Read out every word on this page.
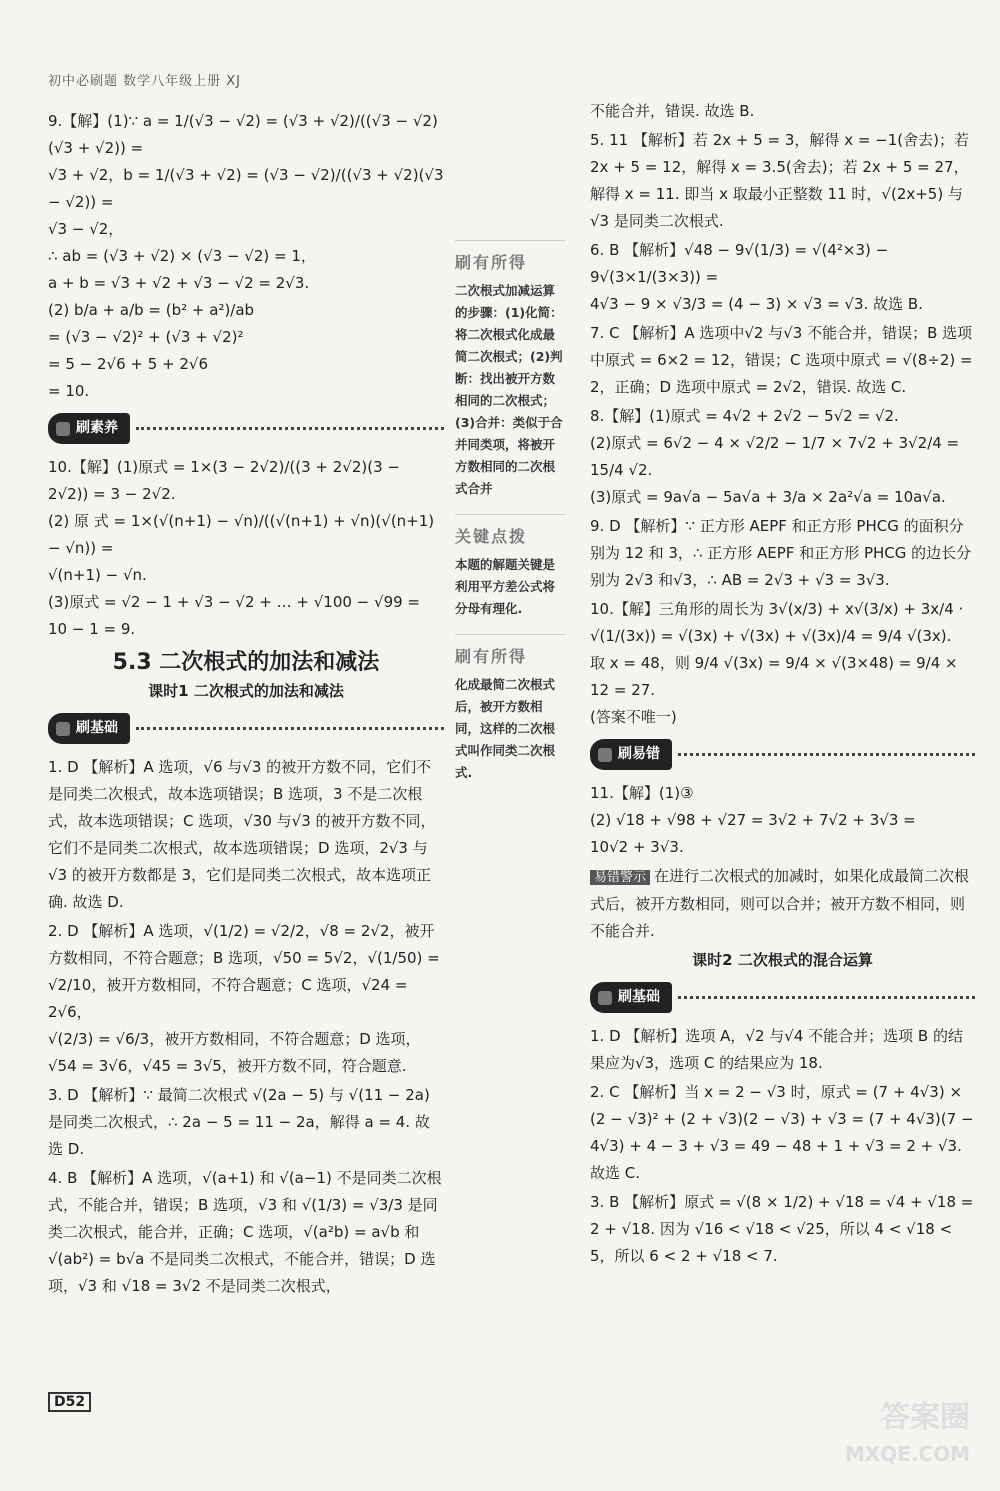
初中必刷题 数学八年级上册 XJ
9.【解】(1)∵ a = 1/(√3 − √2) = (√3 + √2)/((√3 − √2)(√3 + √2)) =
√3 + √2，b = 1/(√3 + √2) = (√3 − √2)/((√3 + √2)(√3 − √2)) =
√3 − √2，
∴ ab = (√3 + √2) × (√3 − √2) = 1，
a + b = √3 + √2 + √3 − √2 = 2√3.
(2) b/a + a/b = (b² + a²)/ab
= (√3 − √2)² + (√3 + √2)²
= 5 − 2√6 + 5 + 2√6
= 10.
刷素养
10.【解】(1)原式 = 1×(3 − 2√2)/((3 + 2√2)(3 − 2√2)) = 3 − 2√2.
(2) 原 式 = 1×(√(n+1) − √n)/((√(n+1) + √n)(√(n+1) − √n)) =
√(n+1) − √n.
(3)原式 = √2 − 1 + √3 − √2 + … + √100 − √99 =
10 − 1 = 9.
5.3 二次根式的加法和减法
课时1 二次根式的加法和减法
刷基础
1. D 【解析】A 选项，√6 与√3 的被开方数不同，它们不是同类二次根式，故本选项错误；B 选项，3 不是二次根式，故本选项错误；C 选项，√30 与√3 的被开方数不同，它们不是同类二次根式，故本选项错误；D 选项，2√3 与√3 的被开方数都是 3，它们是同类二次根式，故本选项正确. 故选 D.
2. D 【解析】A 选项，√(1/2) = √2/2，√8 = 2√2，被开方数相同，不符合题意；B 选项，√50 = 5√2，√(1/50) =
√2/10，被开方数相同，不符合题意；C 选项，√24 = 2√6，
√(2/3) = √6/3，被开方数相同，不符合题意；D 选项，
√54 = 3√6，√45 = 3√5，被开方数不同，符合题意.
3. D 【解析】∵ 最简二次根式 √(2a − 5) 与 √(11 − 2a) 是同类二次根式，∴ 2a − 5 = 11 − 2a，解得 a = 4. 故选 D.
4. B 【解析】A 选项，√(a+1) 和 √(a−1) 不是同类二次根式，不能合并，错误；B 选项，√3 和 √(1/3) = √3/3 是同类二次根式，能合并，正确；C 选项，√(a²b) = a√b 和 √(ab²) = b√a 不是同类二次根式，不能合并，错误；D 选项，√3 和 √18 = 3√2 不是同类二次根式，
刷有所得
二次根式加减运算的步骤：(1)化简：将二次根式化成最简二次根式；(2)判断：找出被开方数相同的二次根式；(3)合并：类似于合并同类项，将被开方数相同的二次根式合并
关键点拨
本题的解题关键是利用平方差公式将分母有理化.
刷有所得
化成最简二次根式后，被开方数相同，这样的二次根式叫作同类二次根式.
不能合并，错误. 故选 B.
5. 11 【解析】若 2x + 5 = 3，解得 x = −1(舍去)；若 2x + 5 = 12，解得 x = 3.5(舍去)；若 2x + 5 = 27，解得 x = 11. 即当 x 取最小正整数 11 时，√(2x+5) 与 √3 是同类二次根式.
6. B 【解析】√48 − 9√(1/3) = √(4²×3) − 9√(3×1/(3×3)) =
4√3 − 9 × √3/3 = (4 − 3) × √3 = √3. 故选 B.
7. C 【解析】A 选项中√2 与√3 不能合并，错误；B 选项中原式 = 6×2 = 12，错误；C 选项中原式 = √(8÷2) = 2，正确；D 选项中原式 = 2√2，错误. 故选 C.
8.【解】(1)原式 = 4√2 + 2√2 − 5√2 = √2.
(2)原式 = 6√2 − 4 × √2/2 − 1/7 × 7√2 + 3√2/4 =
15/4 √2.
(3)原式 = 9a√a − 5a√a + 3/a × 2a²√a = 10a√a.
9. D 【解析】∵ 正方形 AEPF 和正方形 PHCG 的面积分别为 12 和 3，∴ 正方形 AEPF 和正方形 PHCG 的边长分别为 2√3 和√3，∴ AB = 2√3 + √3 = 3√3.
10.【解】三角形的周长为 3√(x/3) + x√(3/x) + 3x/4 ·
√(1/(3x)) = √(3x) + √(3x) + √(3x)/4 = 9/4 √(3x).
取 x = 48，则 9/4 √(3x) = 9/4 × √(3×48) = 9/4 × 12 = 27.
(答案不唯一)
刷易错
11.【解】(1)③
(2) √18 + √98 + √27 = 3√2 + 7√2 + 3√3 =
10√2 + 3√3.
易错警示 在进行二次根式的加减时，如果化成最简二次根式后，被开方数相同，则可以合并；被开方数不相同，则不能合并.
课时2 二次根式的混合运算
刷基础
1. D 【解析】选项 A，√2 与√4 不能合并；选项 B 的结果应为√3，选项 C 的结果应为 18.
2. C 【解析】当 x = 2 − √3 时，原式 = (7 + 4√3) × (2 − √3)² + (2 + √3)(2 − √3) + √3 = (7 + 4√3)(7 − 4√3) + 4 − 3 + √3 = 49 − 48 + 1 + √3 = 2 + √3. 故选 C.
3. B 【解析】原式 = √(8 × 1/2) + √18 = √4 + √18 =
2 + √18. 因为 √16 < √18 < √25，所以 4 < √18 <
5，所以 6 < 2 + √18 < 7.
D52	答案圈
MXQE.COM
